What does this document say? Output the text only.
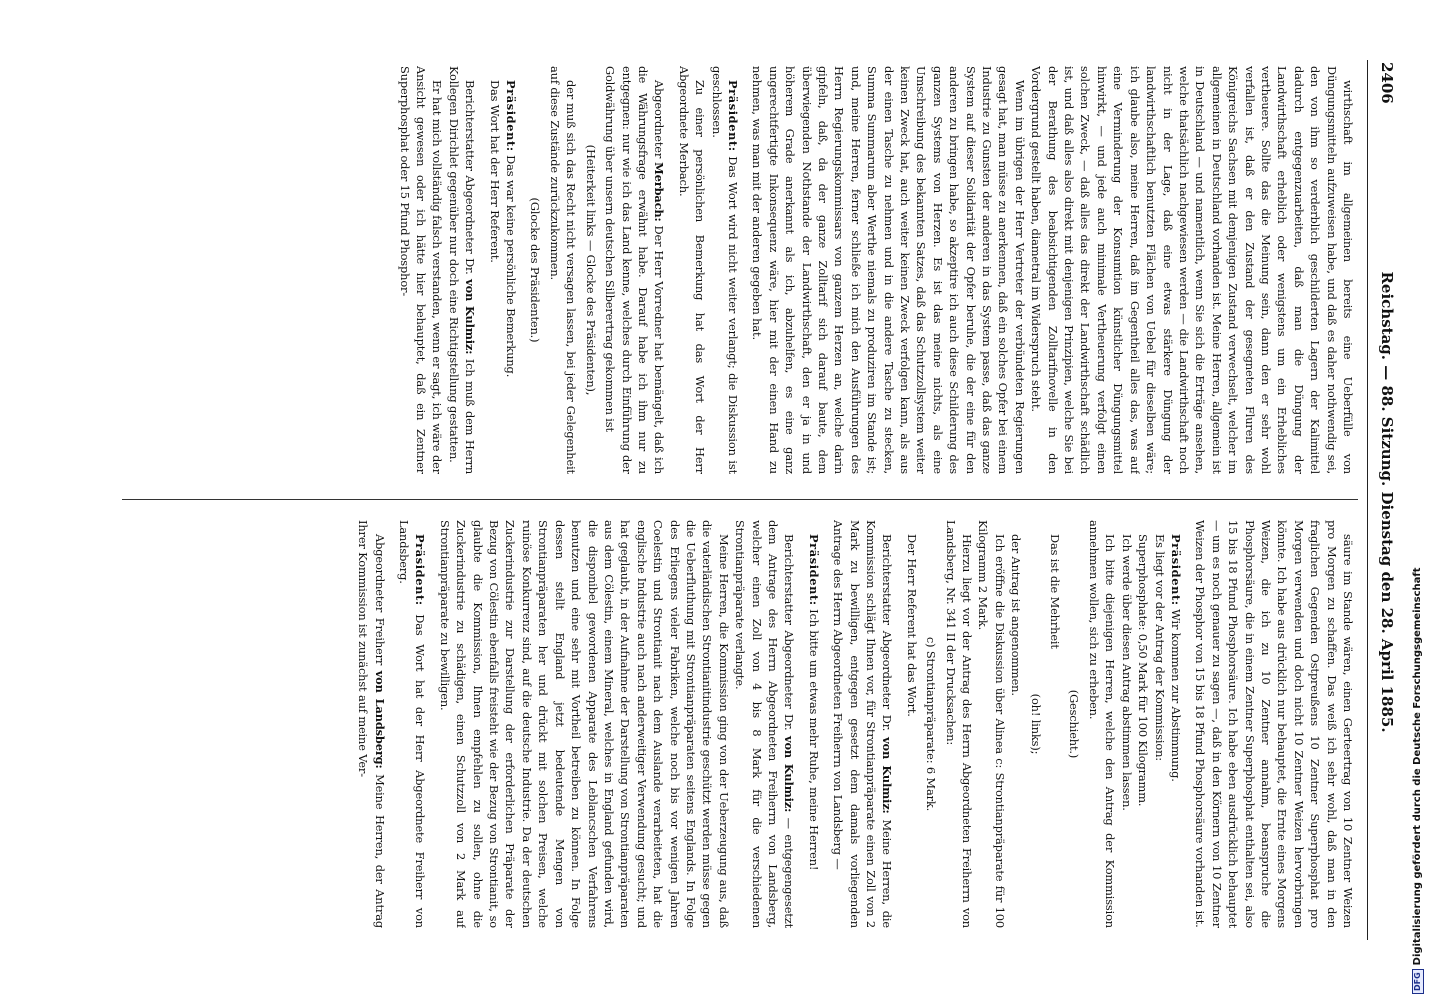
2406
Reichstag. — 88. Sitzung. Dienstag den 28. April 1885.

wirthschaft im allgemeinen bereits eine Ueberfülle von Düngungsmitteln aufzuweisen habe, und daß es daher nothwendig sei, den von ihm so verderblich geschilderten Lagern der Kalimittel dadurch entgegenzuarbeiten, daß man die Düngung der Landwirthschaft erheblich oder wenigstens um ein Erhebliches vertheuere. Sollte das die Meinung sein, dann den er sehr wohl verfallen ist, daß er den Zustand der gesegneten Fluren des Königreichs Sachsen mit demjenigen Zustand verwechselt, welcher im allgemeinen in Deutschland vorhanden ist. Meine Herren, allgemein ist in Deutschland — und namentlich, wenn Sie sich die Erträge ansehen, welche thatsächlich nachgewiesen werden — die Landwirthschaft noch nicht in der Lage, daß eine etwas stärkere Düngung der landwirthschaftlich benutzten Flächen von Uebel für dieselben wäre; ich glaube also, meine Herren, daß im Gegentheil alles das, was auf eine Verminderung der Konsumtion künstlicher Düngungsmittel hinwirkt, — und jede auch minimale Vertheuerung verfolgt einen solchen Zweck, — daß alles das direkt der Landwirthschaft schädlich ist, und daß alles also direkt mit denjenigen Prinzipien, welche Sie bei der Berathung des beabsichtigenden Zolltarifnovelle in den Vordergrund gestellt haben, diametral im Widerspruch steht.

Wenn im übrigen der Herr Vertreter der verbündeten Regierungen gesagt hat, man müsse zu anerkennen, daß ein solches Opfer bei einem Industrie zu Gunsten der anderen in das System passe, daß das ganze System auf dieser Solidarität der Opfer beruhe, die der eine für den anderen zu bringen habe, so akzeptire ich auch diese Schilderung des ganzen Systems von Herzen. Es ist das meine nichts, als eine Umschreibung des bekannten Satzes, daß das Schutzzollsystem weiter keinen Zweck hat, auch weiter keinen Zweck verfolgen kann, als aus der einen Tasche zu nehmen und in die andere Tasche zu stecken, Summa Summarum aber Werthe niemals zu produziren im Stande ist; und, meine Herren, ferner schließe ich mich den Ausführungen des Herrn Regierungskommissars von ganzem Herzen an, welche darin gipfeln, daß, da der ganze Zolltarif sich darauf baute, dem überwiegenden Nothstande der Landwirthschaft, den er ja in und höherem Grade anerkannt als ich, abzuhelfen, es eine ganz ungerechtfertigte Inkonsequenz wäre, hier mit der einen Hand zu nehmen, was man mit der anderen gegeben hat.

Präsident: Das Wort wird nicht weiter verlangt; die Diskussion ist geschlossen.

Zu einer persönlichen Bemerkung hat das Wort der Herr Abgeordnete Merbach.

Abgeordneter Merbach: Der Herr Vorredner hat bemängelt, daß ich die Währungsfrage erwähnt habe. Darauf habe ich ihm nur zu entgegnen: nur wie ich das Land kenne, welches durch Einführung der Goldwährung über unsern deutschen Silberertrag gekommen ist

(Heiterkeit links — Glocke des Präsidenten),

der muß sich das Recht nicht versagen lassen, bei jeder Gelegenheit auf diese Zustände zurückzukommen.

(Glocke des Präsidenten.)

Präsident: Das war keine persönliche Bemerkung.

Das Wort hat der Herr Referent.

Berichterstatter Abgeordneter Dr. von Kulmiz: Ich muß dem Herrn Kollegen Dirichlet gegenüber nur doch eine Richtigstellung gestatten.

Er hat mich vollständig falsch verstanden, wenn er sagt, ich wäre der Ansicht gewesen oder ich hätte hier behauptet, daß ein Zentner Superphosphat oder 15 Pfund Phosphor-

säure im Stande wären, einen Gerteertrag von 10 Zentner Weizen pro Morgen zu schaffen. Das weiß ich sehr wohl, daß man in den fraglichen Gegenden Ostpreußens 10 Zentner Superphosphat pro Morgen verwenden und doch nicht 10 Zentner Weizen hervorbringen könnte. Ich habe aus drücklich nur behauptet, die Ernte eines Morgens Weizen, die ich zu 10 Zentner annahm, beanspruche die Phosphorsäure, die in einem Zentner Superphosphat enthalten sei, also 15 bis 18 Pfund Phosphorsäure. Ich habe eben ausdrücklich behauptet — um es noch genauer zu sagen —, daß in den Körnern von 10 Zentner Weizen der Phosphor von 15 bis 18 Pfund Phosphorsäure vorhanden ist.

Präsident: Wir kommen zur Abstimmung.

Es liegt vor der Antrag der Kommission:

Superphosphate: 0,50 Mark für 100 Kilogramm.

Ich werde über diesen Antrag abstimmen lassen.

Ich bitte diejenigen Herren, welche den Antrag der Kommission annehmen wollen, sich zu erheben.

(Geschieht.)

Das ist die Mehrheit

(oh! links);

der Antrag ist angenommen.

Ich eröffne die Diskussion über Alinea c: Strontianpräparate für 100 Kilogramm 2 Mark.

Hierzu liegt vor der Antrag des Herrn Abgeordneten Freiherrn von Landsberg, Nr. 341 II der Drucksachen:

c) Strontianpräparate: 6 Mark.

Der Herr Referent hat das Wort.

Berichterstatter Abgeordneter Dr. von Kulmiz: Meine Herren, die Kommission schlägt Ihnen vor, für Strontianpräparate einen Zoll von 2 Mark zu bewilligen, entgegen gesetzt dem damals vorliegenden Antrage des Herrn Abgeordneten Freiherrn von Landsberg —

Präsident: Ich bitte um etwas mehr Ruhe, meine Herren!

Berichterstatter Abgeordneter Dr. von Kulmiz: — entgegengesetzt dem Antrage des Herrn Abgeordneten Freiherrn von Landsberg, welcher einen Zoll von 4 bis 8 Mark für die verschiedenen Strontianpräparate verlangte.

Meine Herren, die Kommission ging von der Ueberzeugung aus, daß die vaterländischen Strontianitindustrie geschützt werden müsse gegen die Ueberfluthung mit Strontianpräparaten seitens Englands. In Folge des Erliegens vieler Fabriken, welche noch bis vor wenigen Jahren Coelestin und Strontianit nach dem Auslande verarbeiteten, hat die englische Industrie auch nach anderweitiger Verwendung gesucht; und hat geglaubt, in der Aufnahme der Darstellung von Strontianpräparaten aus dem Cölestin, einem Mineral, welches in England gefunden wird, die disponibel gewordenen Apparate des Leblancschen Verfahrens benutzen und eine sehr mit Vortheil betreiben zu können. In Folge dessen stellt England jetzt bedeutende Mengen von Strontianpräparaten her und drückt mit solchen Preisen, welche ruinöse Konkurrenz sind, auf die deutsche Industrie. Da der deutschen Zuckerindustrie zur Darstellung der erforderlichen Präparate der Bezug von Cölestin ebenfalls freisteht wie der Bezug von Strontianit, so glaubte die Kommission, Ihnen empfehlen zu sollen, ohne die Zuckerindustrie zu schädigen, einen Schutzzoll von 2 Mark auf Strontianpräparate zu bewilligen.

Präsident: Das Wort hat der Herr Abgeordnete Freiherr von Landsberg.

Abgeordneter Freiherr von Landsberg: Meine Herren, der Antrag Ihrer Kommission ist zunächst auf meine Ver-

DFGDigitalisierung gefördert durch die Deutsche Forschungsgemeinschaft
